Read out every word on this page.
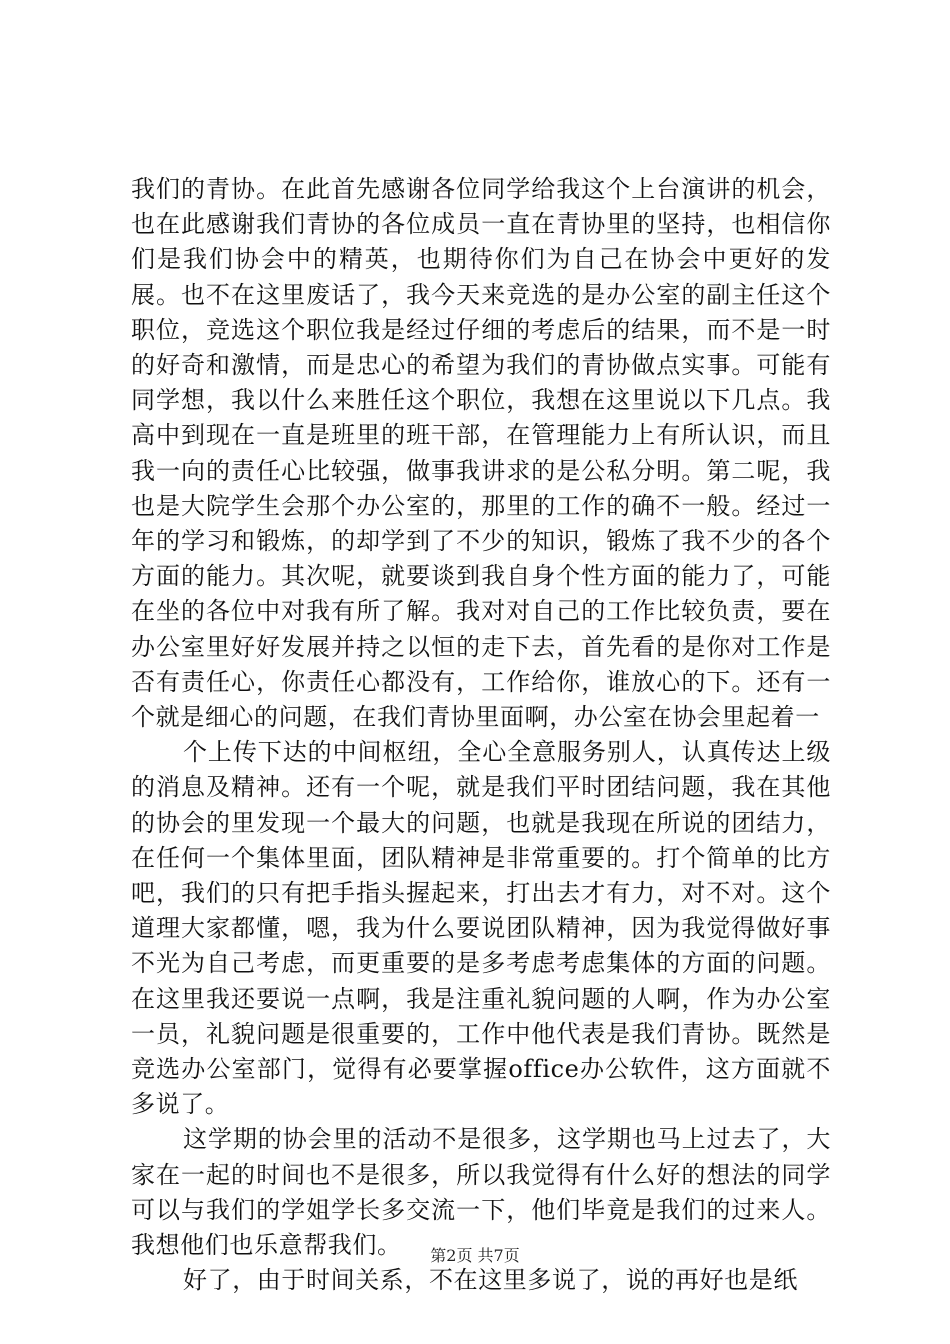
我们的青协。在此首先感谢各位同学给我这个上台演讲的机会，也在此感谢我们青协的各位成员一直在青协里的坚持，也相信你们是我们协会中的精英，也期待你们为自己在协会中更好的发展。也不在这里废话了，我今天来竞选的是办公室的副主任这个职位，竞选这个职位我是经过仔细的考虑后的结果，而不是一时的好奇和激情，而是忠心的希望为我们的青协做点实事。可能有同学想，我以什么来胜任这个职位，我想在这里说以下几点。我高中到现在一直是班里的班干部，在管理能力上有所认识，而且我一向的责任心比较强，做事我讲求的是公私分明。第二呢，我也是大院学生会那个办公室的，那里的工作的确不一般。经过一年的学习和锻炼，的却学到了不少的知识，锻炼了我不少的各个方面的能力。其次呢，就要谈到我自身个性方面的能力了，可能在坐的各位中对我有所了解。我对对自己的工作比较负责，要在办公室里好好发展并持之以恒的走下去，首先看的是你对工作是否有责任心，你责任心都没有，工作给你，谁放心的下。还有一个就是细心的问题，在我们青协里面啊，办公室在协会里起着一

个上传下达的中间枢纽，全心全意服务别人，认真传达上级的消息及精神。还有一个呢，就是我们平时团结问题，我在其他的协会的里发现一个最大的问题，也就是我现在所说的团结力，在任何一个集体里面，团队精神是非常重要的。打个简单的比方吧，我们的只有把手指头握起来，打出去才有力，对不对。这个道理大家都懂，嗯，我为什么要说团队精神，因为我觉得做好事不光为自己考虑，而更重要的是多考虑考虑集体的方面的问题。在这里我还要说一点啊，我是注重礼貌问题的人啊，作为办公室一员，礼貌问题是很重要的，工作中他代表是我们青协。既然是竞选办公室部门，觉得有必要掌握office办公软件，这方面就不多说了。

这学期的协会里的活动不是很多，这学期也马上过去了，大家在一起的时间也不是很多，所以我觉得有什么好的想法的同学可以与我们的学姐学长多交流一下，他们毕竟是我们的过来人。我想他们也乐意帮我们。

好了，由于时间关系，不在这里多说了，说的再好也是纸

第2页 共7页
